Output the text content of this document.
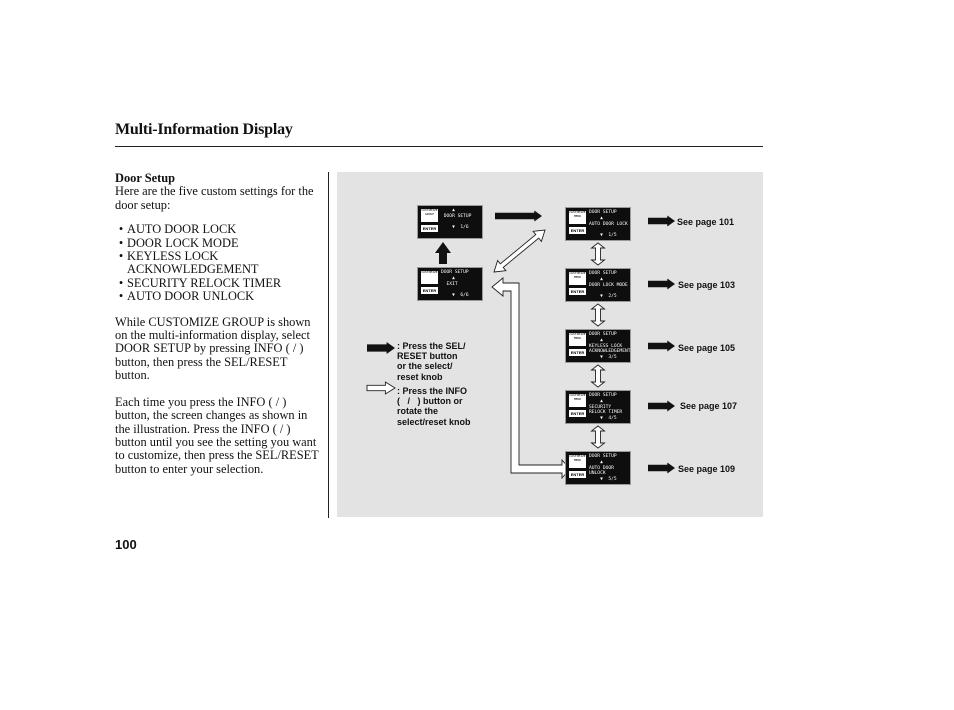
Multi-Information Display
Door Setup

Here are the five custom settings for the door setup:

• AUTO DOOR LOCK
• DOOR LOCK MODE
• KEYLESS LOCK ACKNOWLEDGEMENT
• SECURITY RELOCK TIMER
• AUTO DOOR UNLOCK

While CUSTOMIZE GROUP is shown on the multi-information display, select DOOR SETUP by pressing INFO ( / ) button, then press the SEL/RESET button.

Each time you press the INFO ( / ) button, the screen changes as shown in the illustration. Press the INFO ( / ) button until you see the setting you want to customize, then press the SEL/RESET button to enter your selection.

100
: Press the SEL/
RESET button
or the select/
reset knob
: Press the INFO
(   /   ) button or
rotate the
select/reset knob
See page 101
See page 103
See page 105
See page 107
See page 109
CUSTOMIZE GROUP
ENTER
▲
DOOR SETUP

▼  1/6
CUSTOMIZE
ENTER
DOOR SETUP
▲
EXIT

▼  6/6
CUSTOMIZE MENU
ENTER
DOOR SETUP
▲
AUTO DOOR LOCK

▼  1/5
CUSTOMIZE MENU
ENTER
DOOR SETUP
▲
DOOR LOCK MODE

▼  2/5
CUSTOMIZE MENU
ENTER
DOOR SETUP
▲
KEYLESS LOCK
ACKNOWLEDGEMENT
▼  3/5
CUSTOMIZE MENU
ENTER
DOOR SETUP
▲
SECURITY
RELOCK TIMER
▼  4/5
CUSTOMIZE MENU
ENTER
DOOR SETUP
▲
AUTO DOOR
UNLOCK
▼  5/5
